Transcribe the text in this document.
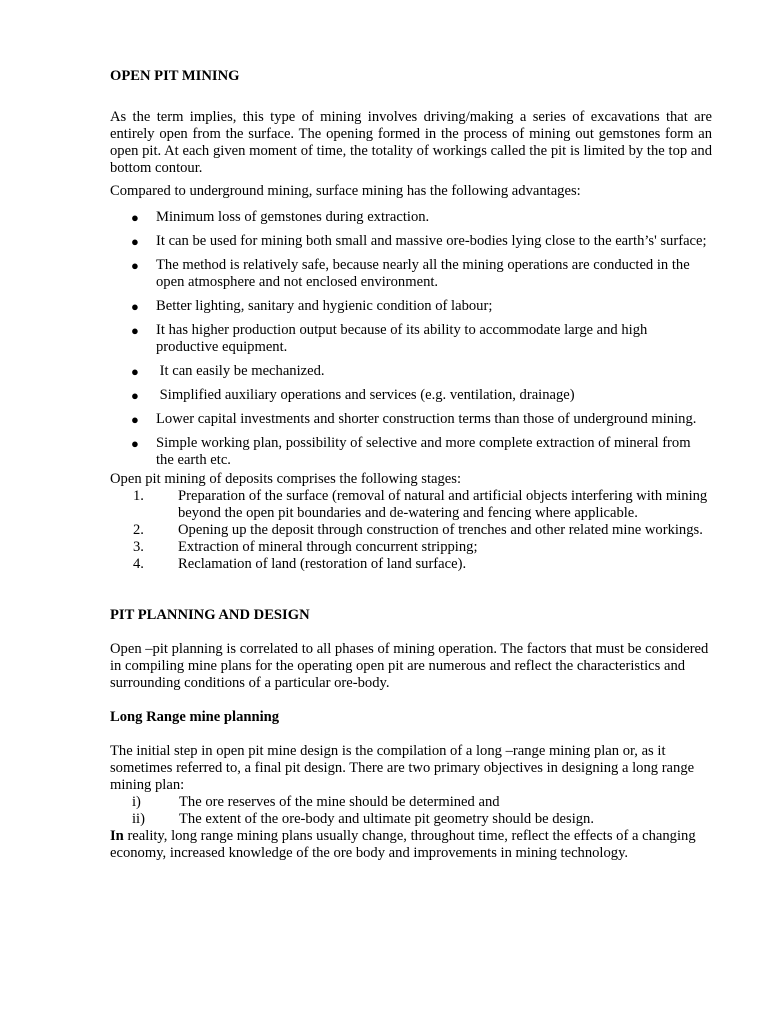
OPEN PIT MINING

As the term implies, this type of mining involves driving/making a series of excavations that are entirely open from the surface. The opening formed in the process of mining out gemstones form an open pit. At each given moment of time, the totality of workings called the pit is limited by the top and bottom contour.

Compared to underground mining, surface mining has the following advantages:

● Minimum loss of gemstones during extraction.
● It can be used for mining both small and massive ore-bodies lying close to the earth’s' surface;
● The method is relatively safe, because nearly all the mining operations are conducted in the open atmosphere and not enclosed environment.
● Better lighting, sanitary and hygienic condition of labour;
● It has higher production output because of its ability to accommodate large and high productive equipment.
● It can easily be mechanized.
● Simplified auxiliary operations and services (e.g. ventilation, drainage)
● Lower capital investments and shorter construction terms than those of underground mining.
● Simple working plan, possibility of selective and more complete extraction of mineral from the earth etc.

Open pit mining of deposits comprises the following stages:

1. Preparation of the surface (removal of natural and artificial objects interfering with mining beyond the open pit boundaries and de-watering and fencing where applicable.
2. Opening up the deposit through construction of trenches and other related mine workings.
3. Extraction of mineral through concurrent stripping;
4. Reclamation of land (restoration of land surface).
PIT PLANNING AND DESIGN

Open –pit planning is correlated to all phases of mining operation. The factors that must be considered in compiling mine plans for the operating open pit are numerous and reflect the characteristics and surrounding conditions of a particular ore-body.

Long Range mine planning

The initial step in open pit mine design is the compilation of a long –range mining plan or, as it sometimes referred to, a final pit design. There are two primary objectives in designing a long range mining plan:

i)	The ore reserves of the mine should be determined and
ii) The extent of the ore-body and ultimate pit geometry should be design.

In reality, long range mining plans usually change, throughout time, reflect the effects of a changing economy, increased knowledge of the ore body and improvements in mining technology.
